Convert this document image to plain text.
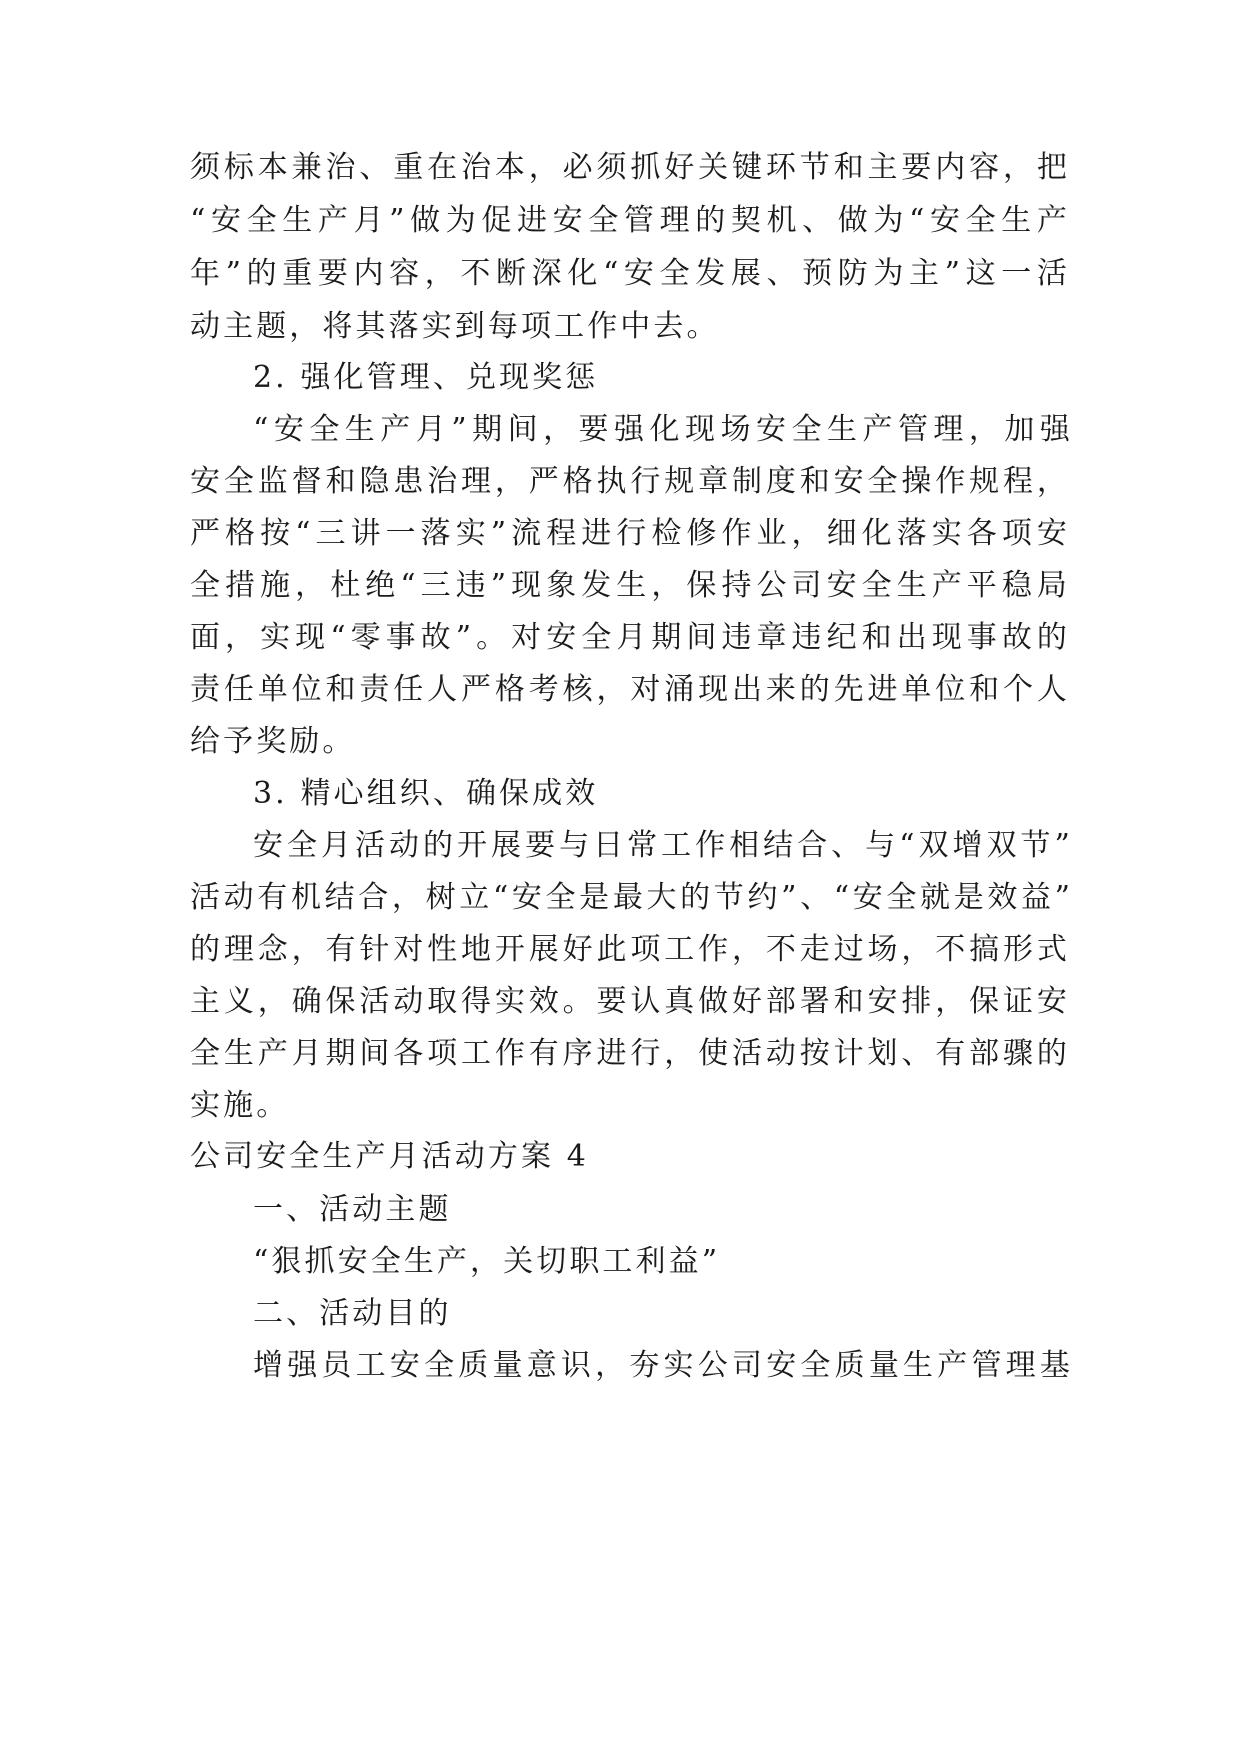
须标本兼治、重在治本，必须抓好关键环节和主要内容，把
“安全生产月”做为促进安全管理的契机、做为“安全生产
年”的重要内容，不断深化“安全发展、预防为主”这一活
动主题，将其落实到每项工作中去。
2. 强化管理、兑现奖惩
“安全生产月”期间，要强化现场安全生产管理，加强
安全监督和隐患治理，严格执行规章制度和安全操作规程，
严格按“三讲一落实”流程进行检修作业，细化落实各项安
全措施，杜绝“三违”现象发生，保持公司安全生产平稳局
面，实现“零事故”。对安全月期间违章违纪和出现事故的
责任单位和责任人严格考核，对涌现出来的先进单位和个人
给予奖励。
3. 精心组织、确保成效
安全月活动的开展要与日常工作相结合、与“双增双节”
活动有机结合，树立“安全是最大的节约”、“安全就是效益”
的理念，有针对性地开展好此项工作，不走过场，不搞形式
主义，确保活动取得实效。要认真做好部署和安排，保证安
全生产月期间各项工作有序进行，使活动按计划、有部骤的
实施。
公司安全生产月活动方案 4
一、活动主题
“狠抓安全生产，关切职工利益”
二、活动目的
增强员工安全质量意识，夯实公司安全质量生产管理基
